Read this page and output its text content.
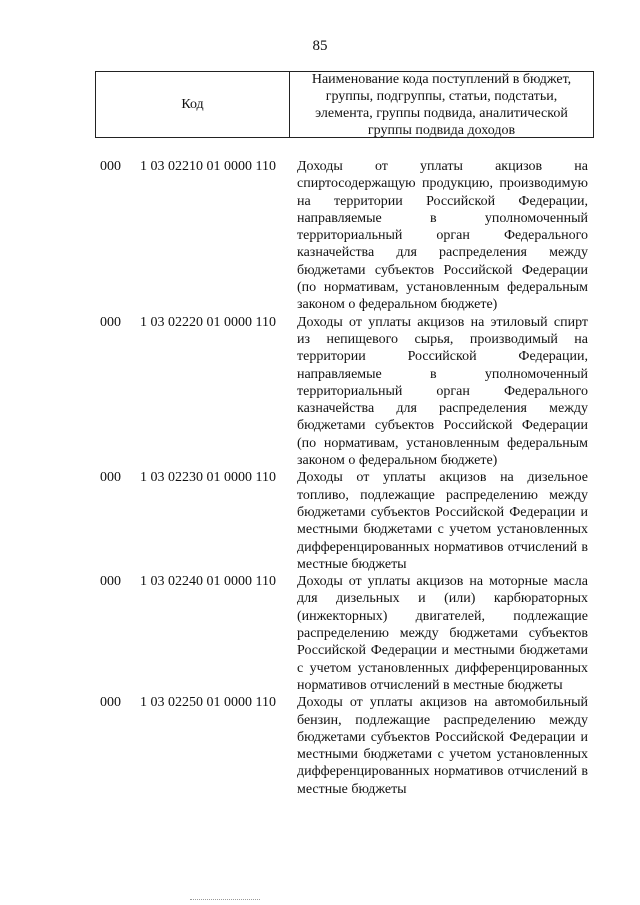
85
Код
Наименование кода поступлений в бюджет, группы, подгруппы, статьи, подстатьи, элемента, группы подвида, аналитической группы подвида доходов
000 1 03 02210 01 0000 110 Доходы от уплаты акцизов на спиртосодержащую продукцию, производимую на территории Российской Федерации, направляемые в уполномоченный территориальный орган Федерального казначейства для распределения между бюджетами субъектов Российской Федерации (по нормативам, установленным федеральным законом о федеральном бюджете)
000 1 03 02220 01 0000 110 Доходы от уплаты акцизов на этиловый спирт из непищевого сырья, производимый на территории Российской Федерации, направляемые в уполномоченный территориальный орган Федерального казначейства для распределения между бюджетами субъектов Российской Федерации (по нормативам, установленным федеральным законом о федеральном бюджете)
000 1 03 02230 01 0000 110 Доходы от уплаты акцизов на дизельное топливо, подлежащие распределению между бюджетами субъектов Российской Федерации и местными бюджетами с учетом установленных дифференцированных нормативов отчислений в местные бюджеты
000 1 03 02240 01 0000 110 Доходы от уплаты акцизов на моторные масла для дизельных и (или) карбюраторных (инжекторных) двигателей, подлежащие распределению между бюджетами субъектов Российской Федерации и местными бюджетами с учетом установленных дифференцированных нормативов отчислений в местные бюджеты
000 1 03 02250 01 0000 110 Доходы от уплаты акцизов на автомобильный бензин, подлежащие распределению между бюджетами субъектов Российской Федерации и местными бюджетами с учетом установленных дифференцированных нормативов отчислений в местные бюджеты
